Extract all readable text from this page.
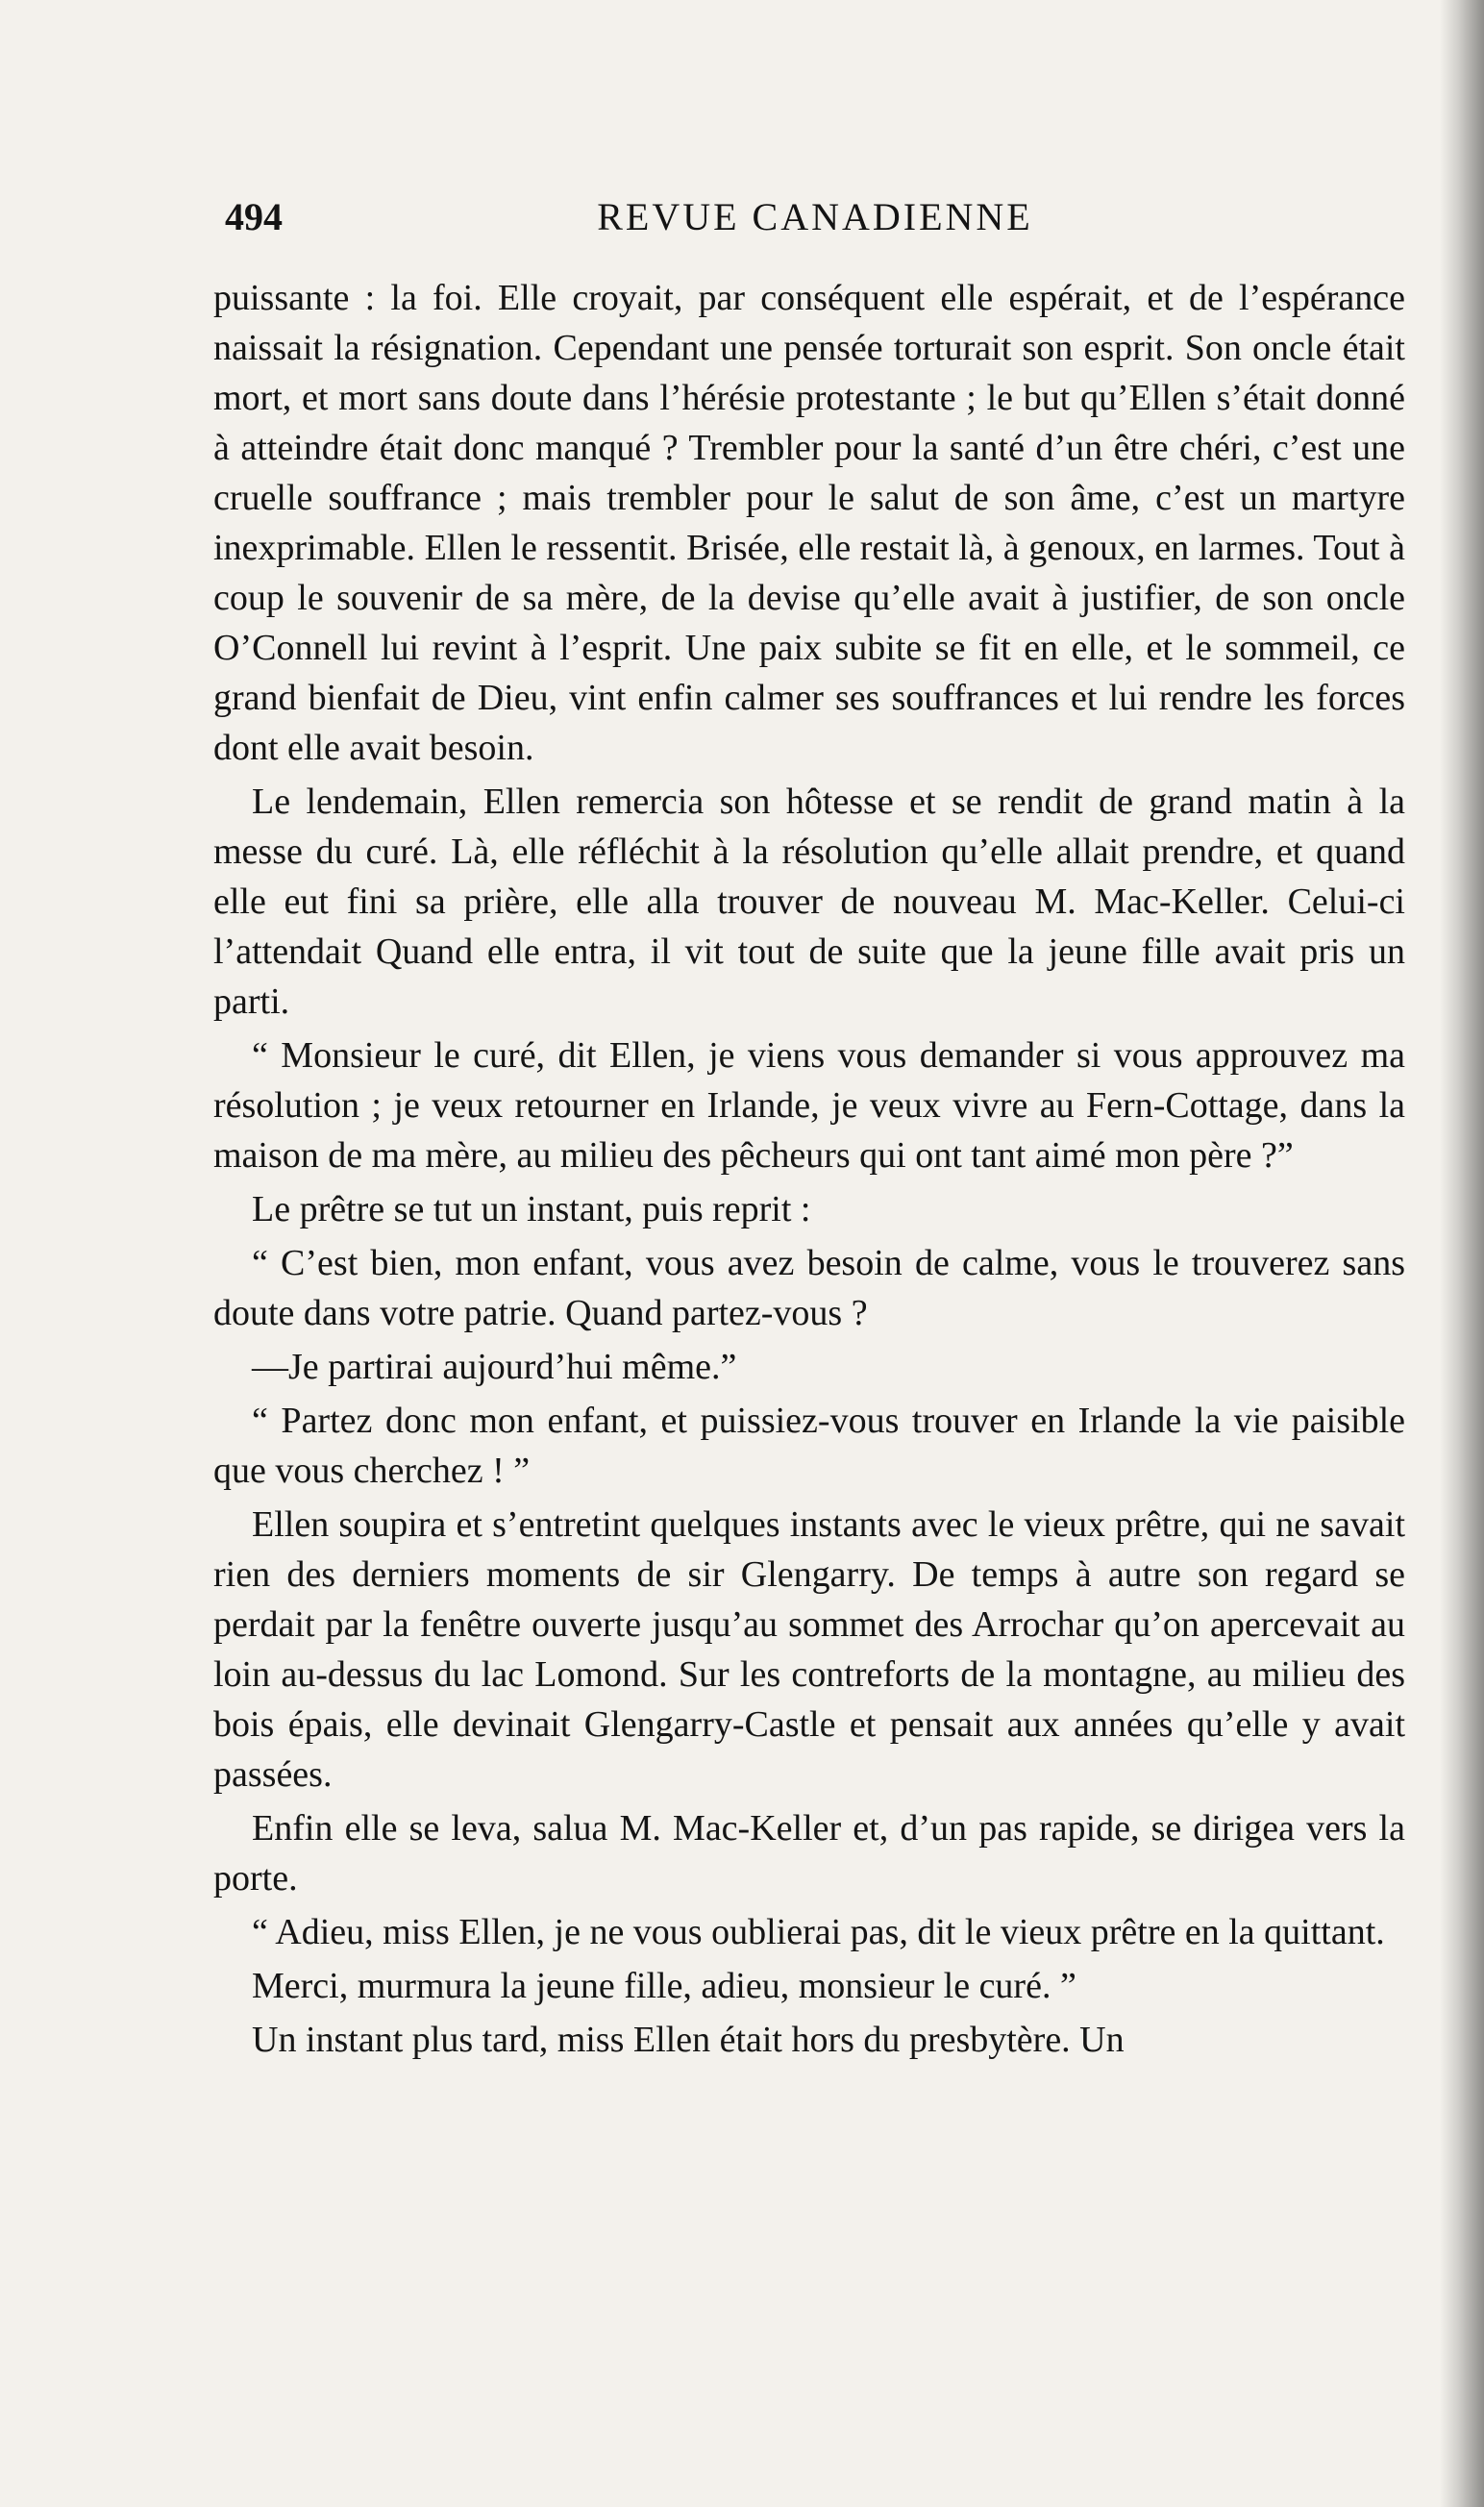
494	REVUE CANADIENNE

puissante : la foi. Elle croyait, par conséquent elle espérait, et de l’espérance naissait la résignation. Cependant une pensée torturait son esprit. Son oncle était mort, et mort sans doute dans l’hérésie protestante ; le but qu’Ellen s’était donné à atteindre était donc manqué ? Trembler pour la santé d’un être chéri, c’est une cruelle souffrance ; mais trembler pour le salut de son âme, c’est un martyre inexprimable. Ellen le ressentit. Brisée, elle restait là, à genoux, en larmes. Tout à coup le souvenir de sa mère, de la devise qu’elle avait à justifier, de son oncle O’Connell lui revint à l’esprit. Une paix subite se fit en elle, et le sommeil, ce grand bienfait de Dieu, vint enfin calmer ses souffrances et lui rendre les forces dont elle avait besoin.

Le lendemain, Ellen remercia son hôtesse et se rendit de grand matin à la messe du curé. Là, elle réfléchit à la résolution qu’elle allait prendre, et quand elle eut fini sa prière, elle alla trouver de nouveau M. Mac-Keller. Celui-ci l’attendait Quand elle entra, il vit tout de suite que la jeune fille avait pris un parti.

“ Monsieur le curé, dit Ellen, je viens vous demander si vous approuvez ma résolution ; je veux retourner en Irlande, je veux vivre au Fern-Cottage, dans la maison de ma mère, au milieu des pêcheurs qui ont tant aimé mon père ?”

Le prêtre se tut un instant, puis reprit :

“ C’est bien, mon enfant, vous avez besoin de calme, vous le trouverez sans doute dans votre patrie. Quand partez-vous ?

—Je partirai aujourd’hui même.”

“ Partez donc mon enfant, et puissiez-vous trouver en Irlande la vie paisible que vous cherchez ! ”

Ellen soupira et s’entretint quelques instants avec le vieux prêtre, qui ne savait rien des derniers moments de sir Glengarry. De temps à autre son regard se perdait par la fenêtre ouverte jusqu’au sommet des Arrochar qu’on apercevait au loin au-dessus du lac Lomond. Sur les contreforts de la montagne, au milieu des bois épais, elle devinait Glengarry-Castle et pensait aux années qu’elle y avait passées.

Enfin elle se leva, salua M. Mac-Keller et, d’un pas rapide, se dirigea vers la porte.

“ Adieu, miss Ellen, je ne vous oublierai pas, dit le vieux prêtre en la quittant.

Merci, murmura la jeune fille, adieu, monsieur le curé. ”

Un instant plus tard, miss Ellen était hors du presbytère. Un
